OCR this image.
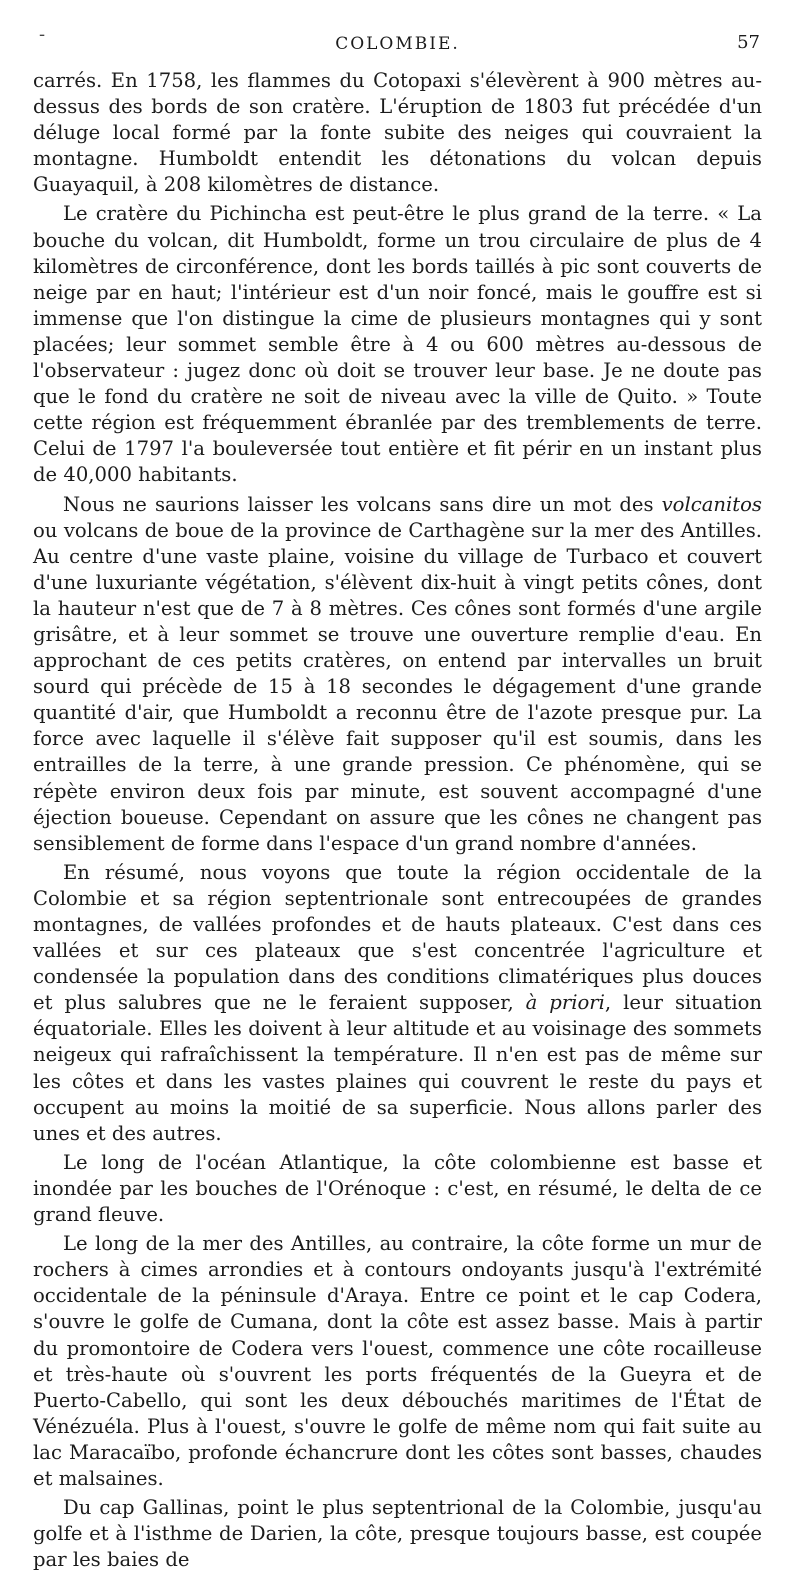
-	COLOMBIE.	57

carrés. En 1758, les flammes du Cotopaxi s'élevèrent à 900 mètres au-dessus des bords de son cratère. L'éruption de 1803 fut précédée d'un déluge local formé par la fonte subite des neiges qui couvraient la montagne. Humboldt entendit les détonations du volcan depuis Guayaquil, à 208 kilomètres de distance.

Le cratère du Pichincha est peut-être le plus grand de la terre. « La bouche du volcan, dit Humboldt, forme un trou circulaire de plus de 4 kilomètres de circonférence, dont les bords taillés à pic sont couverts de neige par en haut; l'intérieur est d'un noir foncé, mais le gouffre est si immense que l'on distingue la cime de plusieurs montagnes qui y sont placées; leur sommet semble être à 4 ou 600 mètres au-dessous de l'observateur : jugez donc où doit se trouver leur base. Je ne doute pas que le fond du cratère ne soit de niveau avec la ville de Quito. » Toute cette région est fréquemment ébranlée par des tremblements de terre. Celui de 1797 l'a bouleversée tout entière et fit périr en un instant plus de 40,000 habitants.

Nous ne saurions laisser les volcans sans dire un mot des volcanitos ou volcans de boue de la province de Carthagène sur la mer des Antilles. Au centre d'une vaste plaine, voisine du village de Turbaco et couvert d'une luxuriante végétation, s'élèvent dix-huit à vingt petits cônes, dont la hauteur n'est que de 7 à 8 mètres. Ces cônes sont formés d'une argile grisâtre, et à leur sommet se trouve une ouverture remplie d'eau. En approchant de ces petits cratères, on entend par intervalles un bruit sourd qui précède de 15 à 18 secondes le dégagement d'une grande quantité d'air, que Humboldt a reconnu être de l'azote presque pur. La force avec laquelle il s'élève fait supposer qu'il est soumis, dans les entrailles de la terre, à une grande pression. Ce phénomène, qui se répète environ deux fois par minute, est souvent accompagné d'une éjection boueuse. Cependant on assure que les cônes ne changent pas sensiblement de forme dans l'espace d'un grand nombre d'années.

En résumé, nous voyons que toute la région occidentale de la Colombie et sa région septentrionale sont entrecoupées de grandes montagnes, de vallées profondes et de hauts plateaux. C'est dans ces vallées et sur ces plateaux que s'est concentrée l'agriculture et condensée la population dans des conditions climatériques plus douces et plus salubres que ne le feraient supposer, à priori, leur situation équatoriale. Elles les doivent à leur altitude et au voisinage des sommets neigeux qui rafraîchissent la température. Il n'en est pas de même sur les côtes et dans les vastes plaines qui couvrent le reste du pays et occupent au moins la moitié de sa superficie. Nous allons parler des unes et des autres.

Le long de l'océan Atlantique, la côte colombienne est basse et inondée par les bouches de l'Orénoque : c'est, en résumé, le delta de ce grand fleuve.

Le long de la mer des Antilles, au contraire, la côte forme un mur de rochers à cimes arrondies et à contours ondoyants jusqu'à l'extrémité occidentale de la péninsule d'Araya. Entre ce point et le cap Codera, s'ouvre le golfe de Cumana, dont la côte est assez basse. Mais à partir du promontoire de Codera vers l'ouest, commence une côte rocailleuse et très-haute où s'ouvrent les ports fréquentés de la Gueyra et de Puerto-Cabello, qui sont les deux débouchés maritimes de l'État de Vénézuéla. Plus à l'ouest, s'ouvre le golfe de même nom qui fait suite au lac Maracaïbo, profonde échancrure dont les côtes sont basses, chaudes et malsaines.

Du cap Gallinas, point le plus septentrional de la Colombie, jusqu'au golfe et à l'isthme de Darien, la côte, presque toujours basse, est coupée par les baies de
